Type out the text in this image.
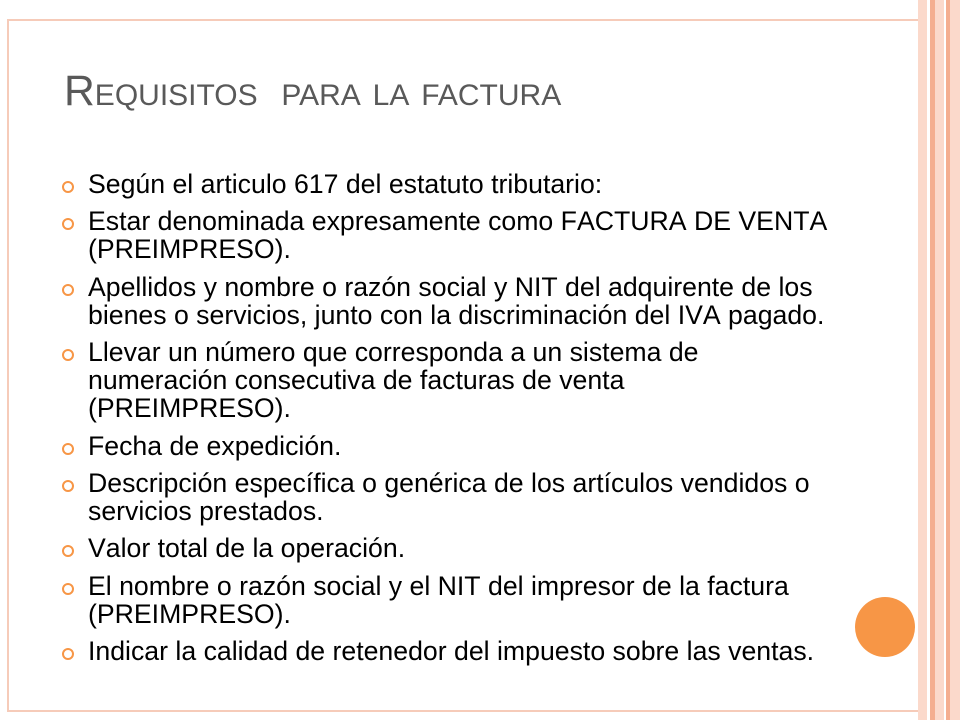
Requisitos  para la factura
Según el articulo 617 del estatuto tributario:
Estar denominada expresamente como FACTURA DE VENTA (PREIMPRESO).
Apellidos y nombre o razón social y NIT del adquirente de los bienes o servicios, junto con la discriminación del IVA pagado.
Llevar un número que corresponda a un sistema de numeración consecutiva de facturas de venta (PREIMPRESO).
Fecha de expedición.
Descripción específica o genérica de los artículos vendidos o servicios prestados.
Valor total de la operación.
El nombre o razón social y el NIT del impresor de la factura (PREIMPRESO).
Indicar la calidad de retenedor del impuesto sobre las ventas.
